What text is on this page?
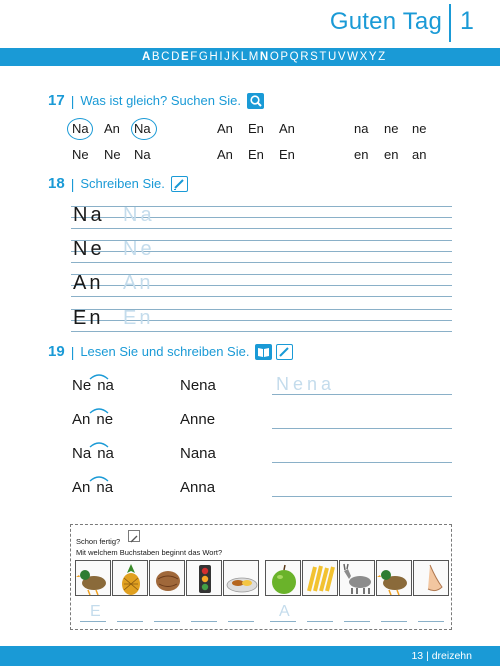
Guten Tag 1
A B C D E F G H I J K L M N O P Q R S T U V W X Y Z
17 | Was ist gleich? Suchen Sie.
Na An Na	An En An	na ne ne
Ne Ne Na	An En En	en en an
18 | Schreiben Sie.
Na Na
Ne Ne
An An
En En
19 | Lesen Sie und schreiben Sie.
Ne na	Nena	Nena
An ne	Anne
Na na	Nana
An na	Anna
Schon fertig?
Mit welchem Buchstaben beginnt das Wort?
E	A
13 | dreizehn
